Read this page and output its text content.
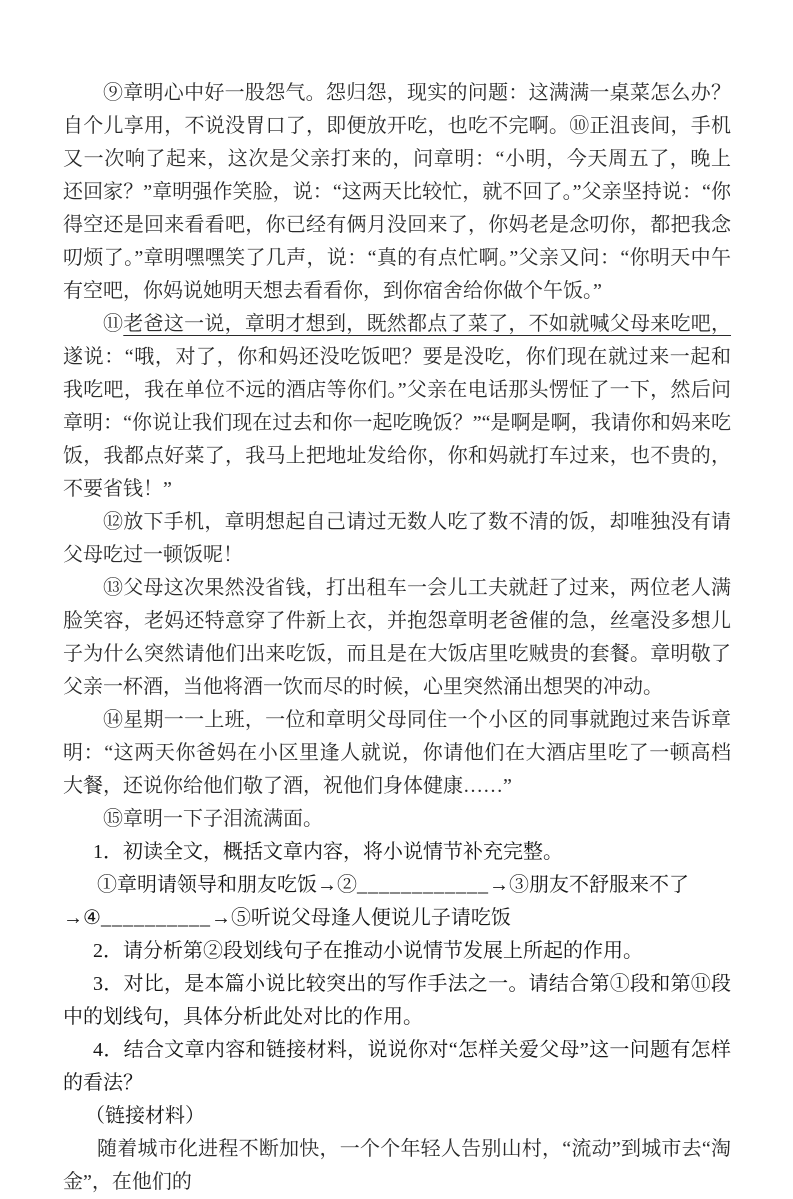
⑨章明心中好一股怨气。怨归怨，现实的问题：这满满一桌菜怎么办？自个儿享用，不说没胃口了，即便放开吃，也吃不完啊。⑩正沮丧间，手机又一次响了起来，这次是父亲打来的，问章明：“小明，今天周五了，晚上还回家？”章明强作笑脸，说：“这两天比较忙，就不回了。”父亲坚持说：“你得空还是回来看看吧，你已经有俩月没回来了，你妈老是念叨你，都把我念叨烦了。”章明嘿嘿笑了几声，说：“真的有点忙啊。”父亲又问：“你明天中午有空吧，你妈说她明天想去看看你，到你宿舍给你做个午饭。”

⑪老爸这一说，章明才想到，既然都点了菜了，不如就喊父母来吃吧，遂说：“哦，对了，你和妈还没吃饭吧？要是没吃，你们现在就过来一起和我吃吧，我在单位不远的酒店等你们。”父亲在电话那头愣怔了一下，然后问章明：“你说让我们现在过去和你一起吃晚饭？”“是啊是啊，我请你和妈来吃饭，我都点好菜了，我马上把地址发给你，你和妈就打车过来，也不贵的，不要省钱！”

⑫放下手机，章明想起自己请过无数人吃了数不清的饭，却唯独没有请父母吃过一顿饭呢！

⑬父母这次果然没省钱，打出租车一会儿工夫就赶了过来，两位老人满脸笑容，老妈还特意穿了件新上衣，并抱怨章明老爸催的急，丝毫没多想儿子为什么突然请他们出来吃饭，而且是在大饭店里吃贼贵的套餐。章明敬了父亲一杯酒，当他将酒一饮而尽的时候，心里突然涌出想哭的冲动。

⑭星期一一上班，一位和章明父母同住一个小区的同事就跑过来告诉章明：“这两天你爸妈在小区里逢人就说，你请他们在大酒店里吃了一顿高档大餐，还说你给他们敬了酒，祝他们身体健康……”

⑮章明一下子泪流满面。

1．初读全文，概括文章内容，将小说情节补充完整。

①章明请领导和朋友吃饭→②____________→③朋友不舒服来不了

→④__________→⑤听说父母逢人便说儿子请吃饭

2．请分析第②段划线句子在推动小说情节发展上所起的作用。

3．对比，是本篇小说比较突出的写作手法之一。请结合第①段和第⑪段中的划线句，具体分析此处对比的作用。

4．结合文章内容和链接材料，说说你对“怎样关爱父母”这一问题有怎样的看法？

（链接材料）

随着城市化进程不断加快，一个个年轻人告别山村，“流动”到城市去“淘金”，在他们的
